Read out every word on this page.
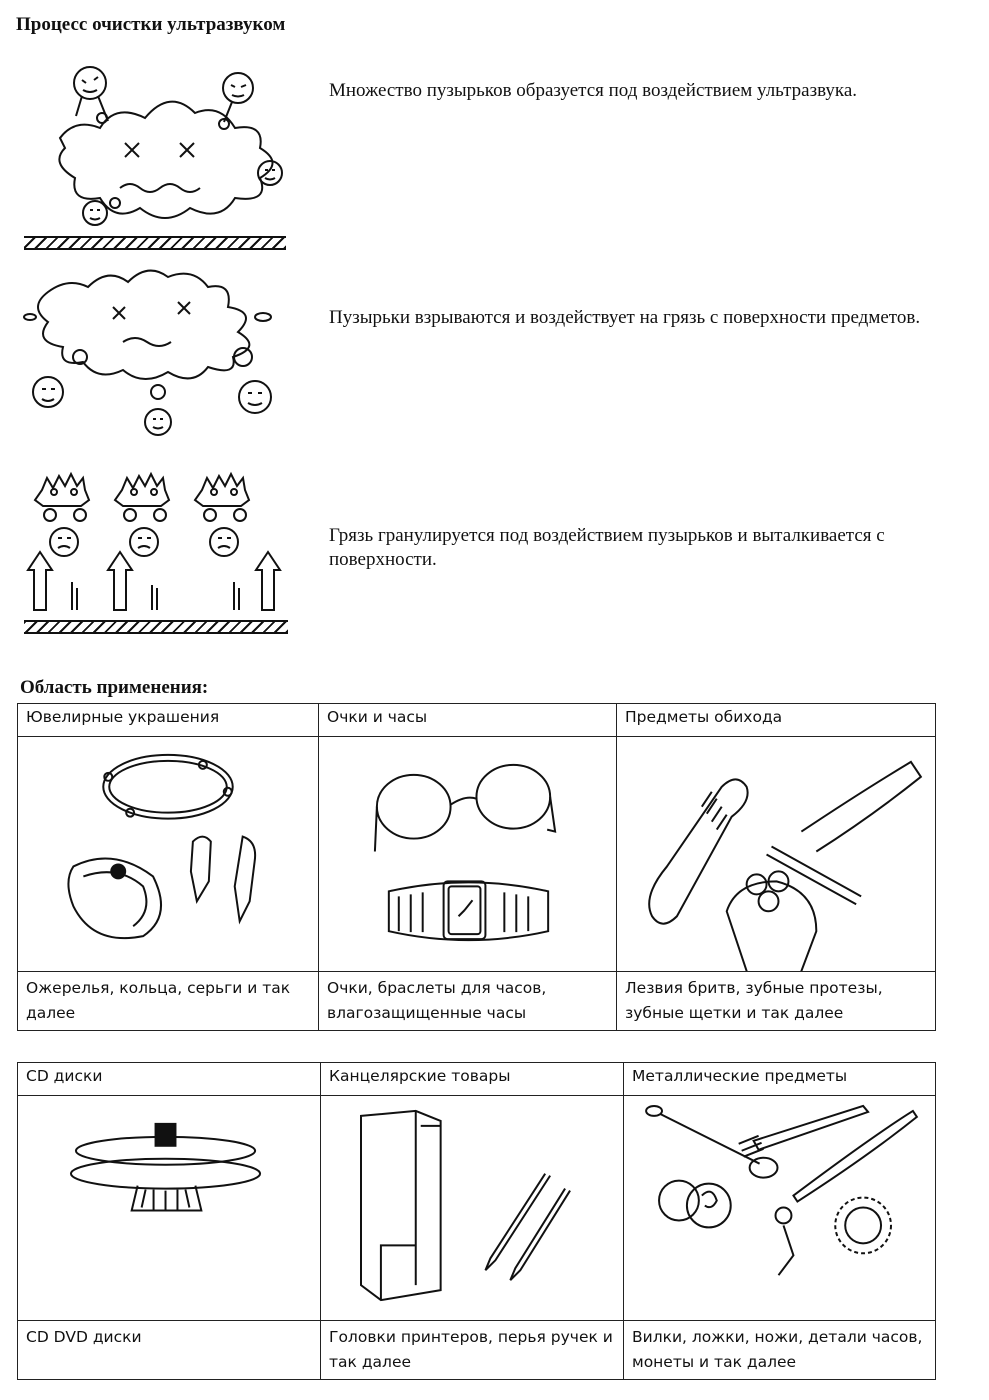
Процесс очистки ультразвуком

Множество пузырьков образуется под воздействием ультразвука.

Пузырьки взрываются и воздействует на грязь с поверхности предметов.

Грязь гранулируется под воздействием пузырьков и выталкивается с поверхности.

Область применения:
Ювелирные украшения	Очки и часы	Предметы обихода

Ожерелья, кольца, серьги и так далее	Очки, браслеты для часов, влагозащищенные часы	Лезвия бритв, зубные протезы, зубные щетки и так далее
CD диски	Канцелярские товары	Металлические предметы

CD DVD диски	Головки принтеров, перья ручек и так далее	Вилки, ложки, ножи, детали часов, монеты и так далее
